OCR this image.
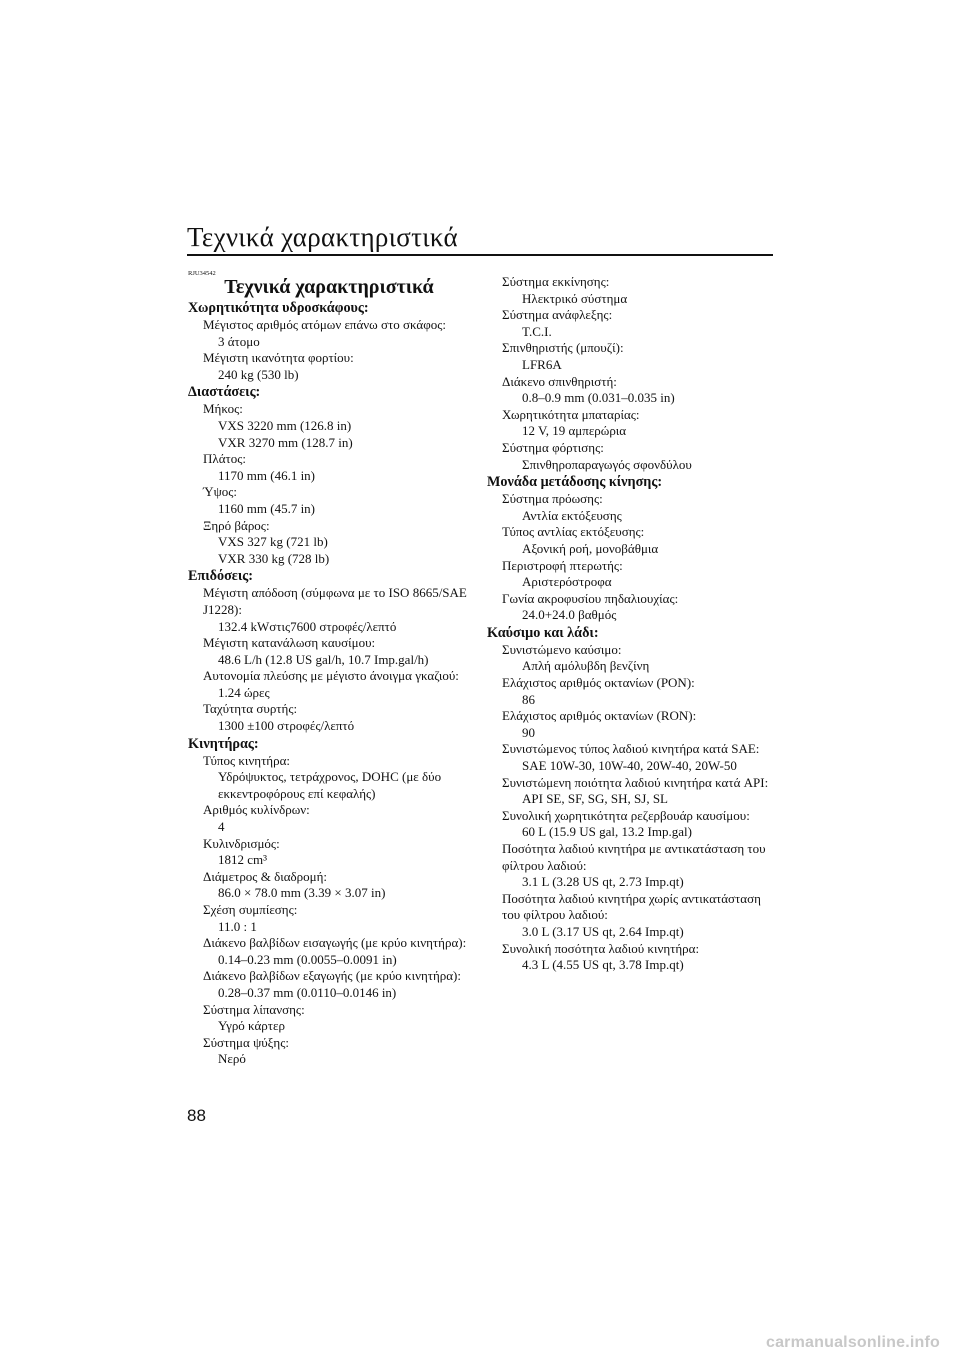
Τεχνικά χαρακτηριστικά
RJU34542
Τεχνικά χαρακτηριστικά
Χωρητικότητα υδροσκάφους:
Μέγιστος αριθμός ατόμων επάνω στο σκάφος:
3 άτομο
Μέγιστη ικανότητα φορτίου:
240 kg (530 lb)
Διαστάσεις:
Μήκος:
VXS 3220 mm (126.8 in)
VXR 3270 mm (128.7 in)
Πλάτος:
1170 mm (46.1 in)
Ύψος:
1160 mm (45.7 in)
Ξηρό βάρος:
VXS 327 kg (721 lb)
VXR 330 kg (728 lb)
Επιδόσεις:
Μέγιστη απόδοση (σύμφωνα με το ISO 8665/SAE
J1228):
132.4 kWστις7600 στροφές/λεπτό
Μέγιστη κατανάλωση καυσίμου:
48.6 L/h (12.8 US gal/h, 10.7 Imp.gal/h)
Αυτονομία πλεύσης με μέγιστο άνοιγμα γκαζιού:
1.24 ώρες
Ταχύτητα συρτής:
1300 ±100 στροφές/λεπτό
Κινητήρας:
Τύπος κινητήρα:
Υδρόψυκτος, τετράχρονος, DOHC (με δύο
εκκεντροφόρους επί κεφαλής)
Αριθμός κυλίνδρων:
4
Κυλινδρισμός:
1812 cm³
Διάμετρος & διαδρομή:
86.0 × 78.0 mm (3.39 × 3.07 in)
Σχέση συμπίεσης:
11.0 : 1
Διάκενο βαλβίδων εισαγωγής (με κρύο κινητήρα):
0.14–0.23 mm (0.0055–0.0091 in)
Διάκενο βαλβίδων εξαγωγής (με κρύο κινητήρα):
0.28–0.37 mm (0.0110–0.0146 in)
Σύστημα λίπανσης:
Υγρό κάρτερ
Σύστημα ψύξης:
Νερό
Σύστημα εκκίνησης:
Ηλεκτρικό σύστημα
Σύστημα ανάφλεξης:
T.C.I.
Σπινθηριστής (μπουζί):
LFR6A
Διάκενο σπινθηριστή:
0.8–0.9 mm (0.031–0.035 in)
Χωρητικότητα μπαταρίας:
12 V, 19 αμπερώρια
Σύστημα φόρτισης:
Σπινθηροπαραγωγός σφονδύλου
Μονάδα μετάδοσης κίνησης:
Σύστημα πρόωσης:
Αντλία εκτόξευσης
Τύπος αντλίας εκτόξευσης:
Αξονική ροή, μονοβάθμια
Περιστροφή πτερωτής:
Αριστερόστροφα
Γωνία ακροφυσίου πηδαλιουχίας:
24.0+24.0 βαθμός
Καύσιμο και λάδι:
Συνιστώμενο καύσιμο:
Απλή αμόλυβδη βενζίνη
Ελάχιστος αριθμός οκτανίων (PON):
86
Ελάχιστος αριθμός οκτανίων (RON):
90
Συνιστώμενος τύπος λαδιού κινητήρα κατά SAE:
SAE 10W-30, 10W-40, 20W-40, 20W-50
Συνιστώμενη ποιότητα λαδιού κινητήρα κατά API:
API SE, SF, SG, SH, SJ, SL
Συνολική χωρητικότητα ρεζερβουάρ καυσίμου:
60 L (15.9 US gal, 13.2 Imp.gal)
Ποσότητα λαδιού κινητήρα με αντικατάσταση του
φίλτρου λαδιού:
3.1 L (3.28 US qt, 2.73 Imp.qt)
Ποσότητα λαδιού κινητήρα χωρίς αντικατάσταση
του φίλτρου λαδιού:
3.0 L (3.17 US qt, 2.64 Imp.qt)
Συνολική ποσότητα λαδιού κινητήρα:
4.3 L (4.55 US qt, 3.78 Imp.qt)
88
carmanualsonline.info
